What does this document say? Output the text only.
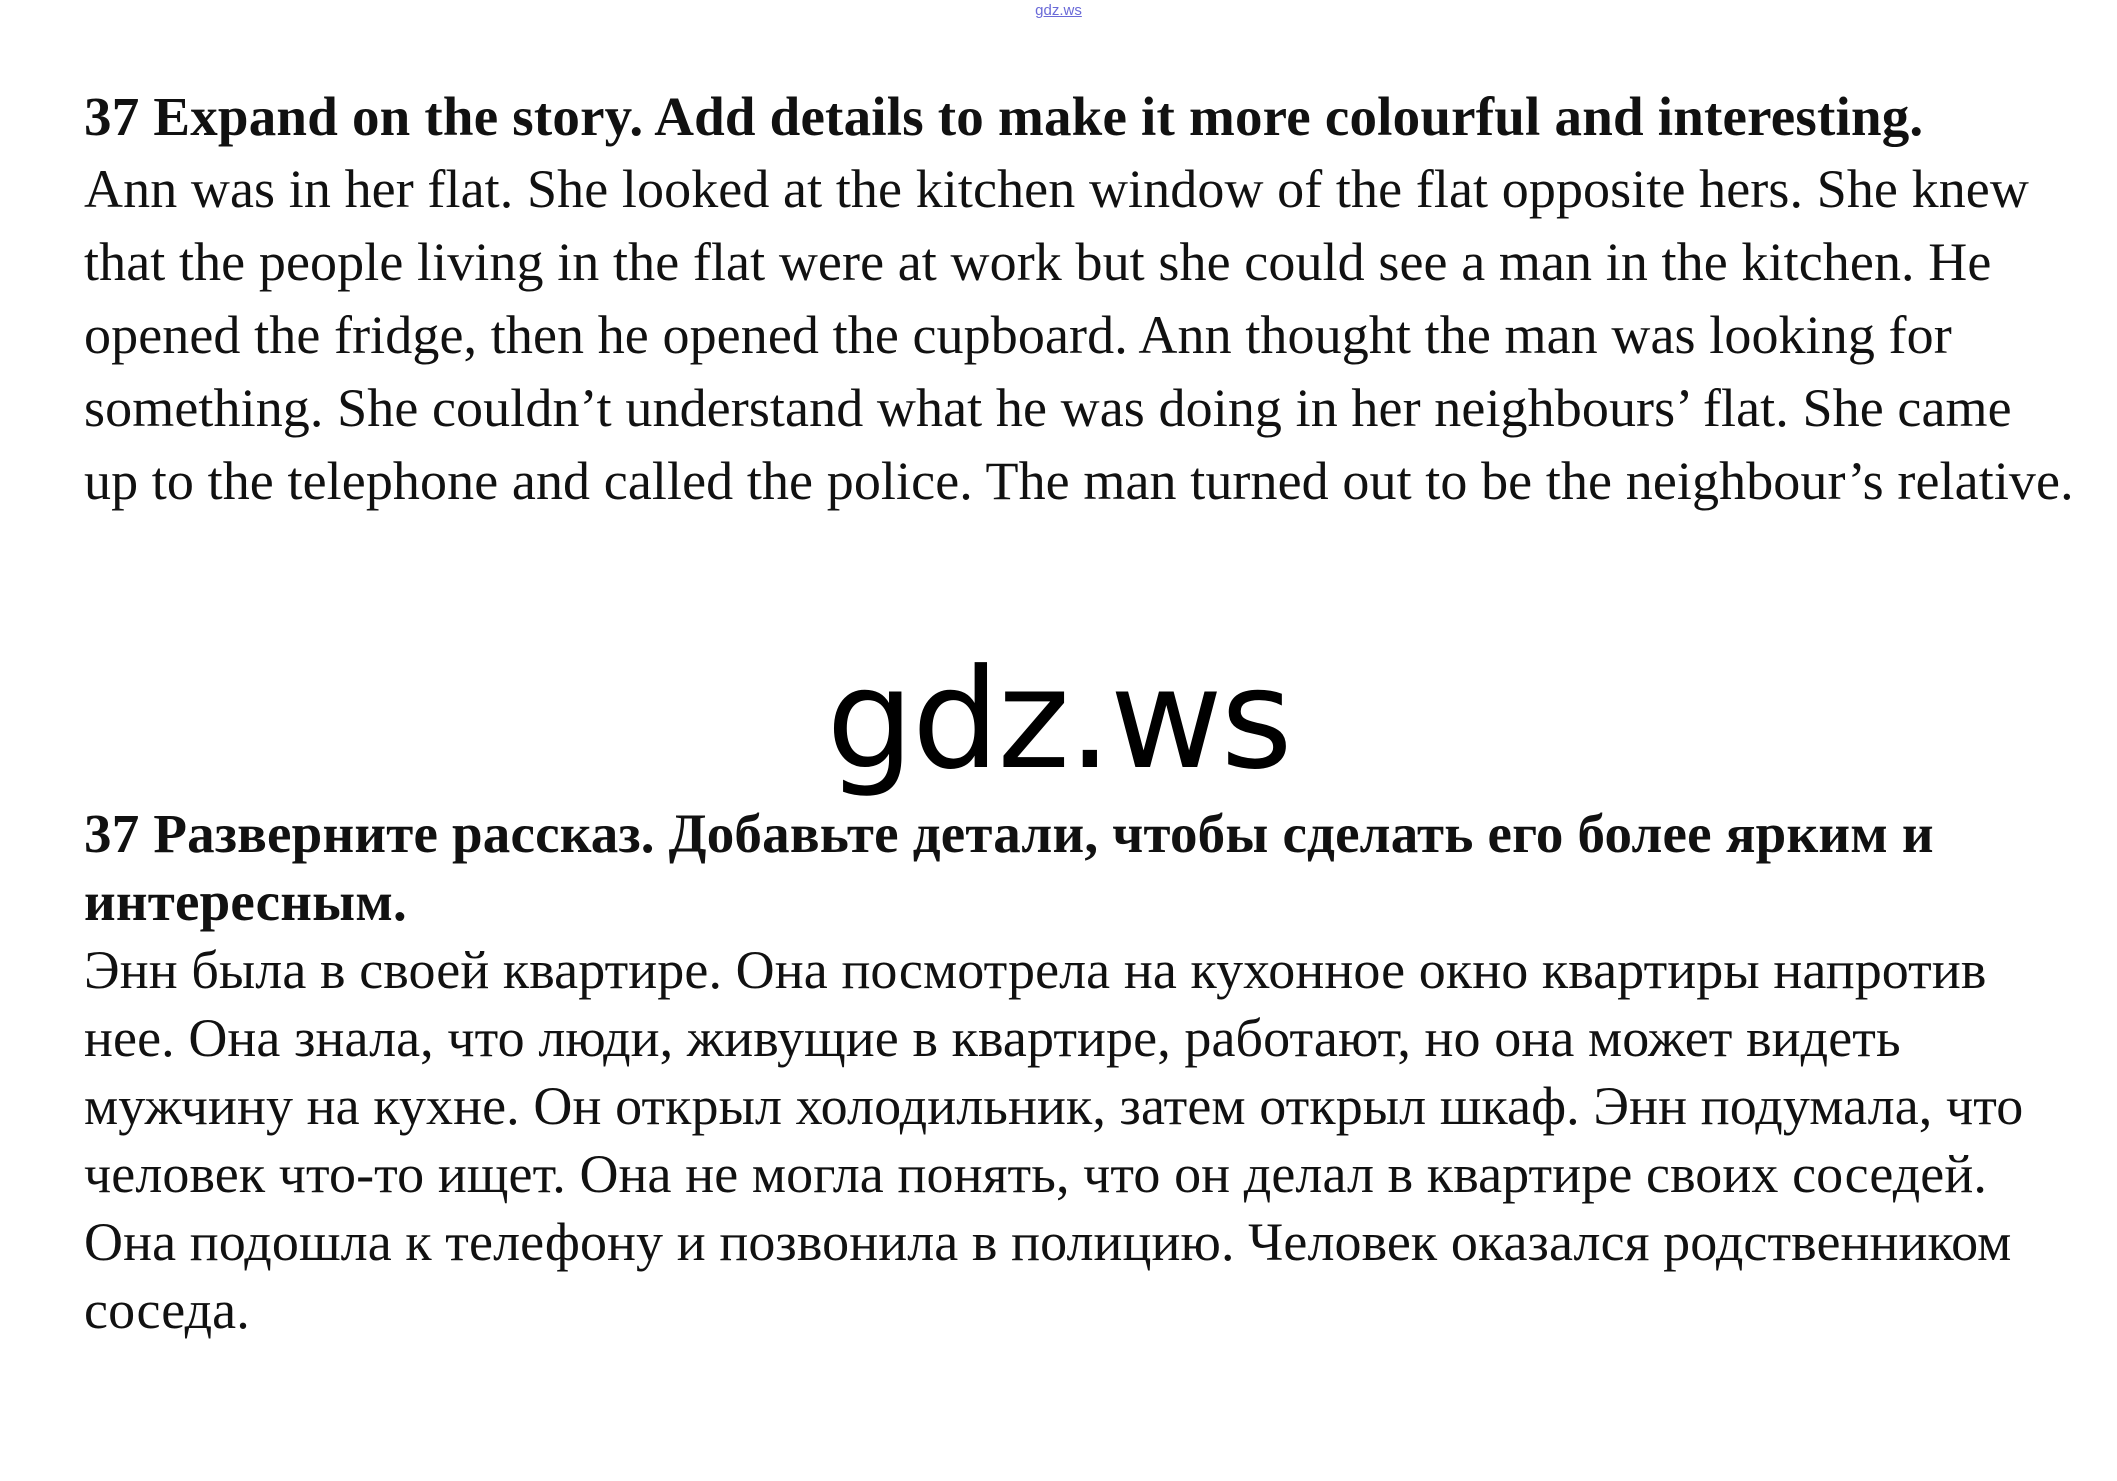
gdz.ws

37 Expand on the story. Add details to make it more colourful and interesting.

Ann was in her flat. She looked at the kitchen window of the flat opposite hers. She knew that the people living in the flat were at work but she could see a man in the kitchen. He opened the fridge, then he opened the cupboard. Ann thought the man was looking for something. She couldn’t understand what he was doing in her neighbours’ flat. She came up to the telephone and called the police. The man turned out to be the neighbour’s relative.

gdz.ws

37 Разверните рассказ. Добавьте детали, чтобы сделать его более ярким и интересным.

Энн была в своей квартире. Она посмотрела на кухонное окно квартиры напротив нее. Она знала, что люди, живущие в квартире, работают, но она может видеть мужчину на кухне. Он открыл холодильник, затем открыл шкаф. Энн подумала, что человек что-то ищет. Она не могла понять, что он делал в квартире своих соседей. Она подошла к телефону и позвонила в полицию. Человек оказался родственником соседа.
